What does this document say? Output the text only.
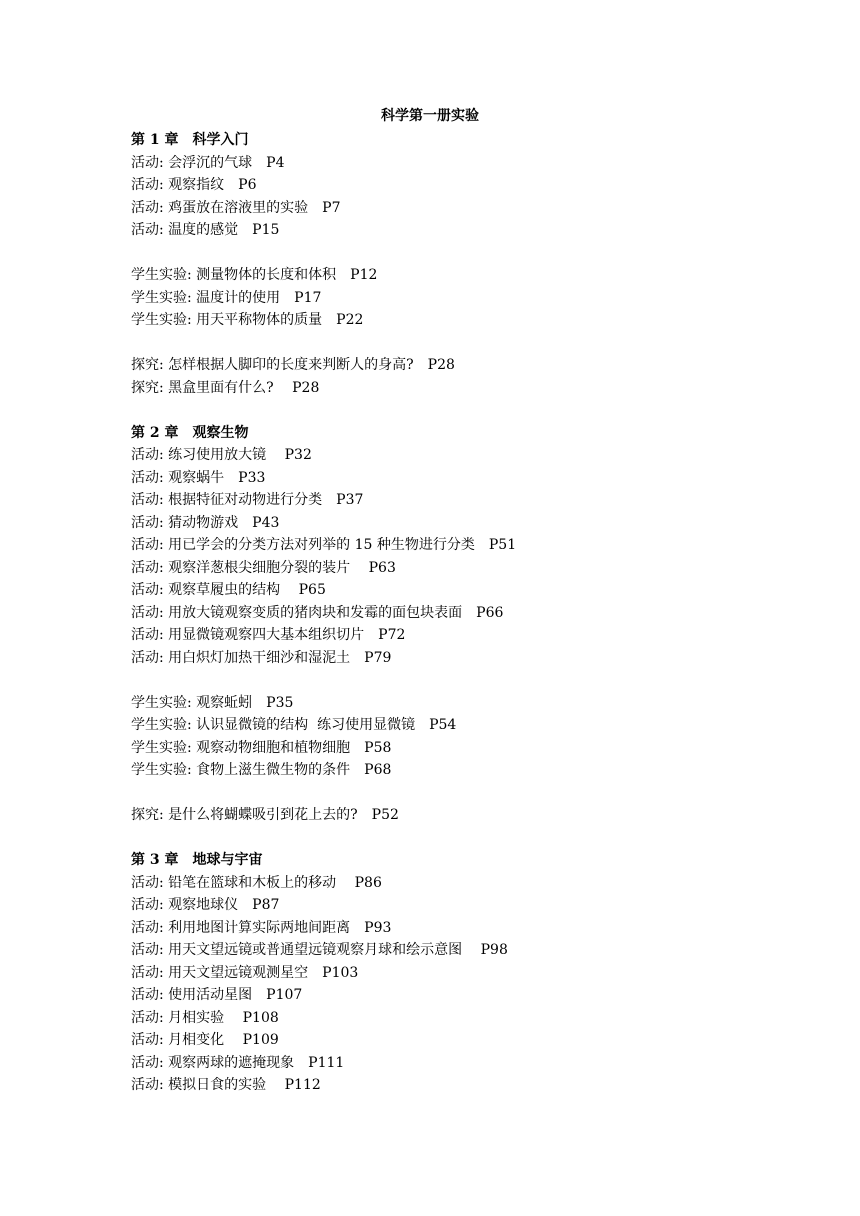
科学第一册实验
第 1 章　科学入门
活动: 会浮沉的气球　P4
活动: 观察指纹　P6
活动: 鸡蛋放在溶液里的实验　P7
活动: 温度的感觉　P15
学生实验: 测量物体的长度和体积　P12
学生实验: 温度计的使用　P17
学生实验: 用天平称物体的质量　P22
探究: 怎样根据人脚印的长度来判断人的身高?　P28
探究: 黑盒里面有什么?　 P28
第 2 章　观察生物
活动: 练习使用放大镜　 P32
活动: 观察蜗牛　P33
活动: 根据特征对动物进行分类　P37
活动: 猜动物游戏　P43
活动: 用已学会的分类方法对列举的 15 种生物进行分类　P51
活动: 观察洋葱根尖细胞分裂的装片　 P63
活动: 观察草履虫的结构　 P65
活动: 用放大镜观察变质的猪肉块和发霉的面包块表面　P66
活动: 用显微镜观察四大基本组织切片　P72
活动: 用白炽灯加热干细沙和湿泥土　P79
学生实验: 观察蚯蚓　P35
学生实验: 认识显微镜的结构  练习使用显微镜　P54
学生实验: 观察动物细胞和植物细胞　P58
学生实验: 食物上滋生微生物的条件　P68
探究: 是什么将蝴蝶吸引到花上去的?　P52
第 3 章　地球与宇宙
活动: 铅笔在篮球和木板上的移动　 P86
活动: 观察地球仪　P87
活动: 利用地图计算实际两地间距离　P93
活动: 用天文望远镜或普通望远镜观察月球和绘示意图　 P98
活动: 用天文望远镜观测星空　P103
活动: 使用活动星图　P107
活动: 月相实验　 P108
活动: 月相变化　 P109
活动: 观察两球的遮掩现象　P111
活动: 模拟日食的实验　 P112
